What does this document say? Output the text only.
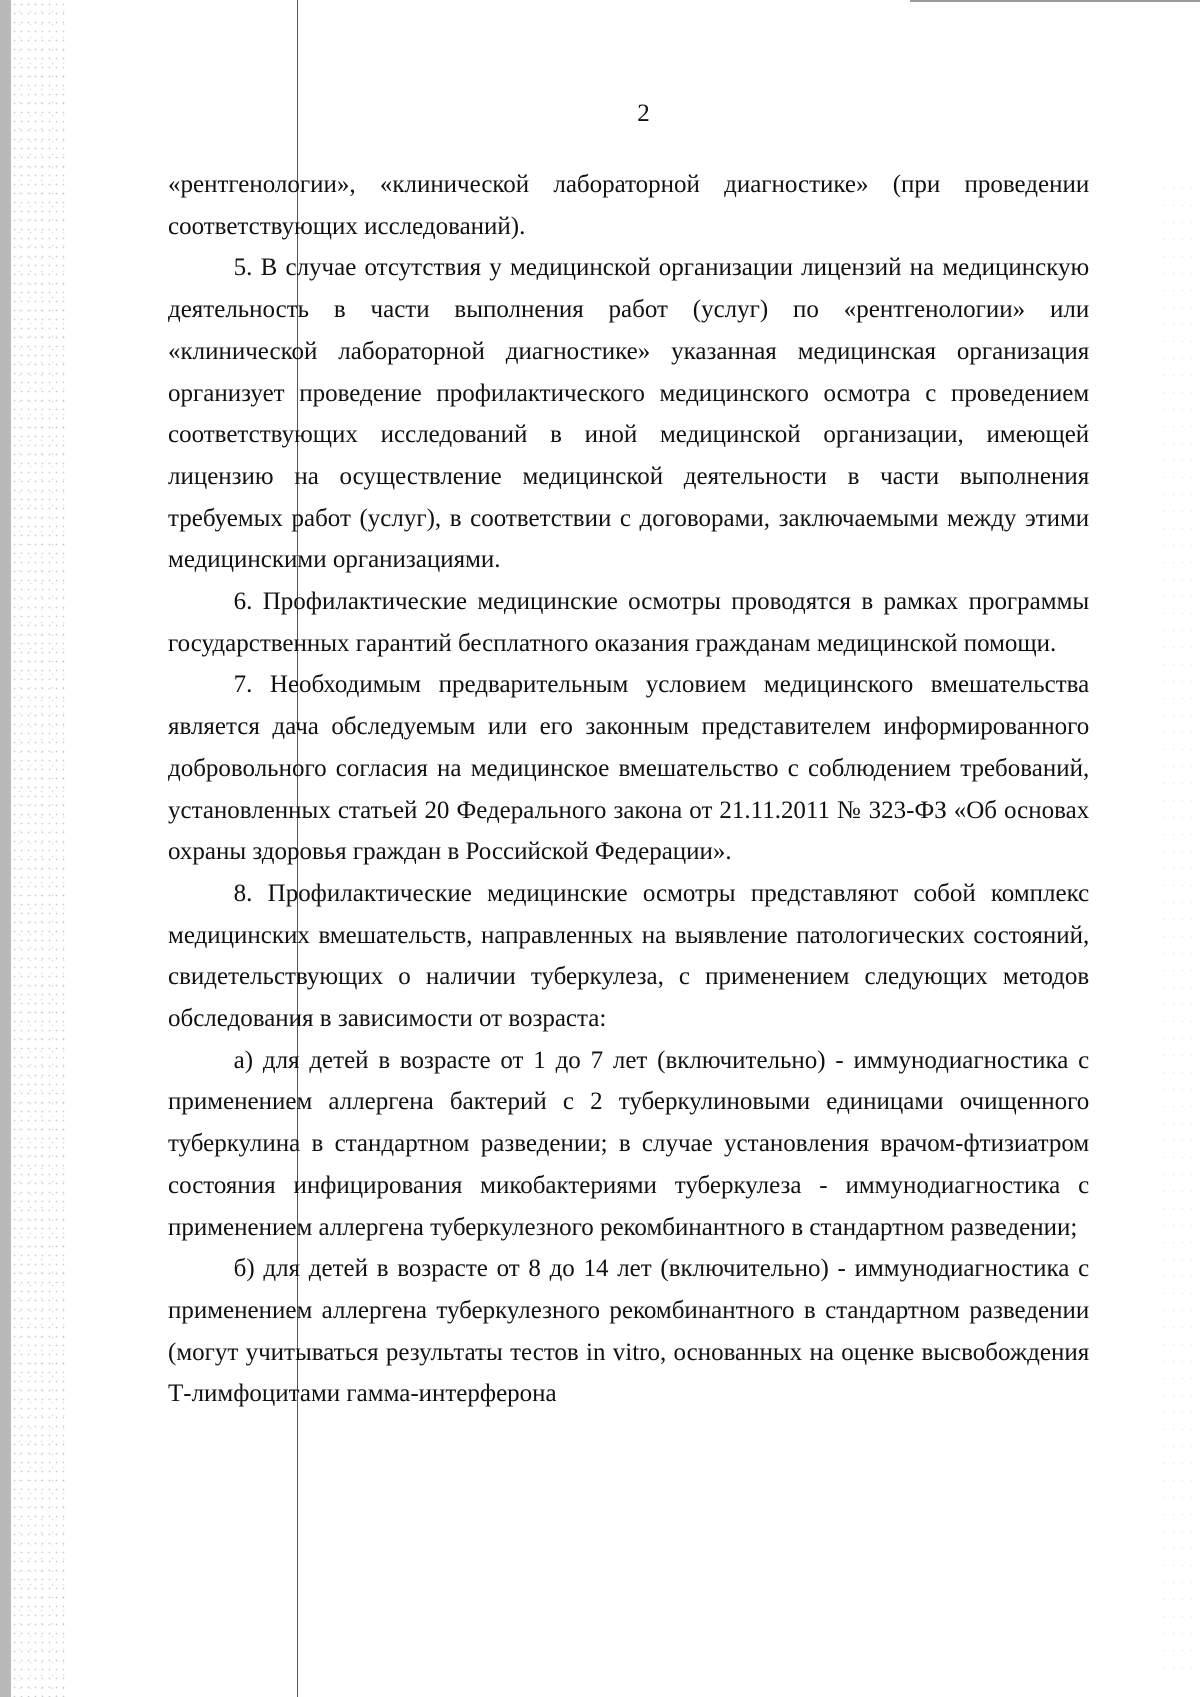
2

«рентгенологии», «клинической лабораторной диагностике» (при проведении соответствующих исследований).

5. В случае отсутствия у медицинской организации лицензий на медицинскую деятельность в части выполнения работ (услуг) по «рентгенологии» или «клинической лабораторной диагностике» указанная медицинская организация организует проведение профилактического медицинского осмотра с проведением соответствующих исследований в иной медицинской организации, имеющей лицензию на осуществление медицинской деятельности в части выполнения требуемых работ (услуг), в соответствии с договорами, заключаемыми между этими медицинскими организациями.

6. Профилактические медицинские осмотры проводятся в рамках программы государственных гарантий бесплатного оказания гражданам медицинской помощи.

7. Необходимым предварительным условием медицинского вмешательства является дача обследуемым или его законным представителем информированного добровольного согласия на медицинское вмешательство с соблюдением требований, установленных статьей 20 Федерального закона от 21.11.2011 № 323-ФЗ «Об основах охраны здоровья граждан в Российской Федерации».

8. Профилактические медицинские осмотры представляют собой комплекс медицинских вмешательств, направленных на выявление патологических состояний, свидетельствующих о наличии туберкулеза, с применением следующих методов обследования в зависимости от возраста:

а) для детей в возрасте от 1 до 7 лет (включительно) - иммунодиагностика с применением аллергена бактерий с 2 туберкулиновыми единицами очищенного туберкулина в стандартном разведении; в случае установления врачом-фтизиатром состояния инфицирования микобактериями туберкулеза - иммунодиагностика с применением аллергена туберкулезного рекомбинантного в стандартном разведении;

б) для детей в возрасте от 8 до 14 лет (включительно) - иммунодиагностика с применением аллергена туберкулезного рекомбинантного в стандартном разведении (могут учитываться результаты тестов in vitro, основанных на оценке высвобождения Т-лимфоцитами гамма-интерферона
